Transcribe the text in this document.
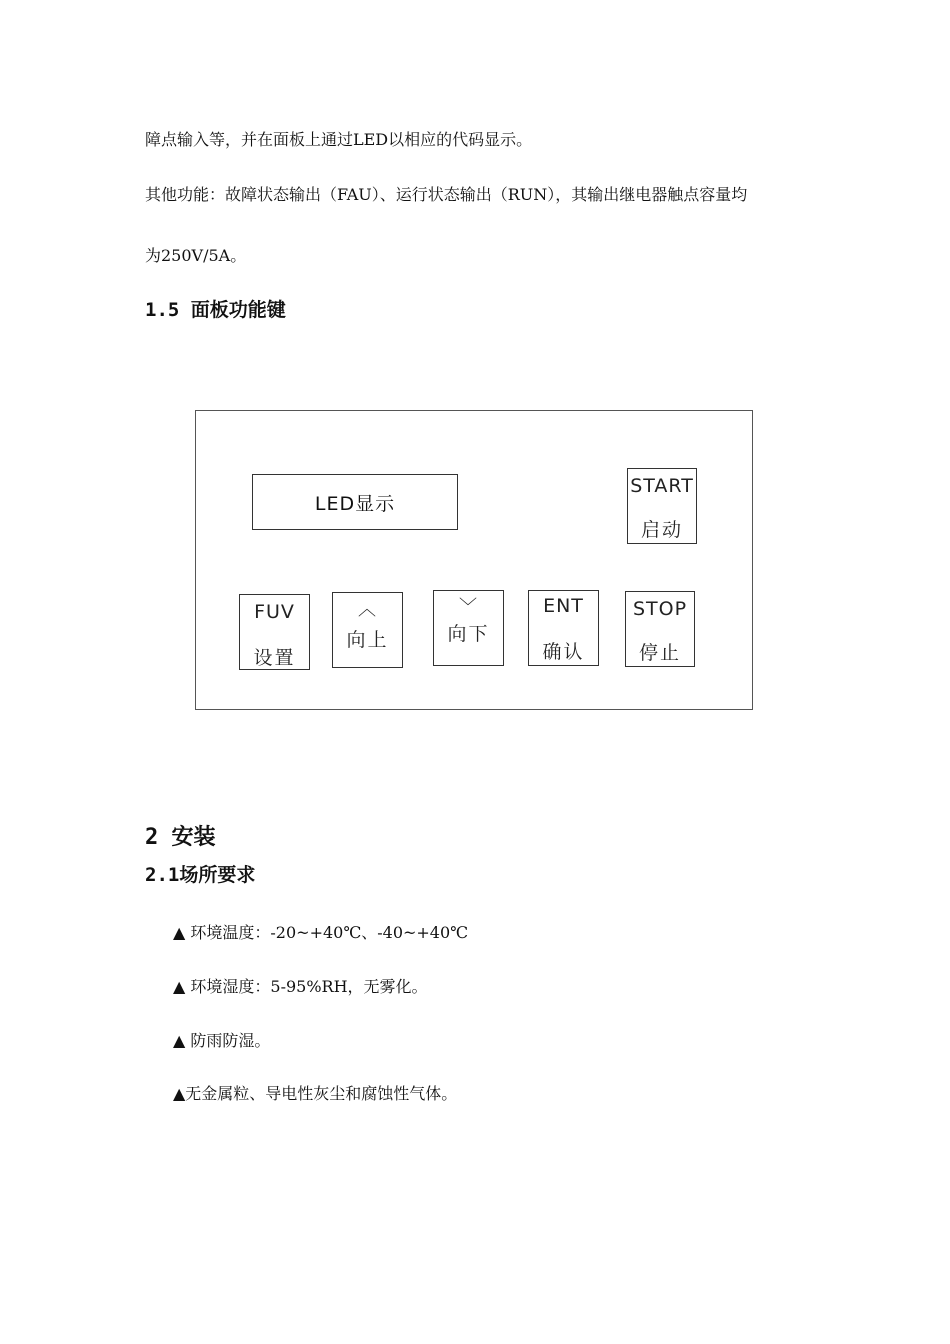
障点输入等，并在面板上通过LED以相应的代码显示。
其他功能：故障状态输出（FAU）、运行状态输出（RUN），其输出继电器触点容量均
为250V/5A。
1.5 面板功能键
LED显示
START
启动
FUV
设置
︿
向上
﹀
向下
ENT
确认
STOP
停止
2 安装
2.1场所要求
▲ 环境温度：-20~+40℃、-40~+40℃
▲ 环境湿度：5-95%RH，无雾化。
▲ 防雨防湿。
▲无金属粒、导电性灰尘和腐蚀性气体。
